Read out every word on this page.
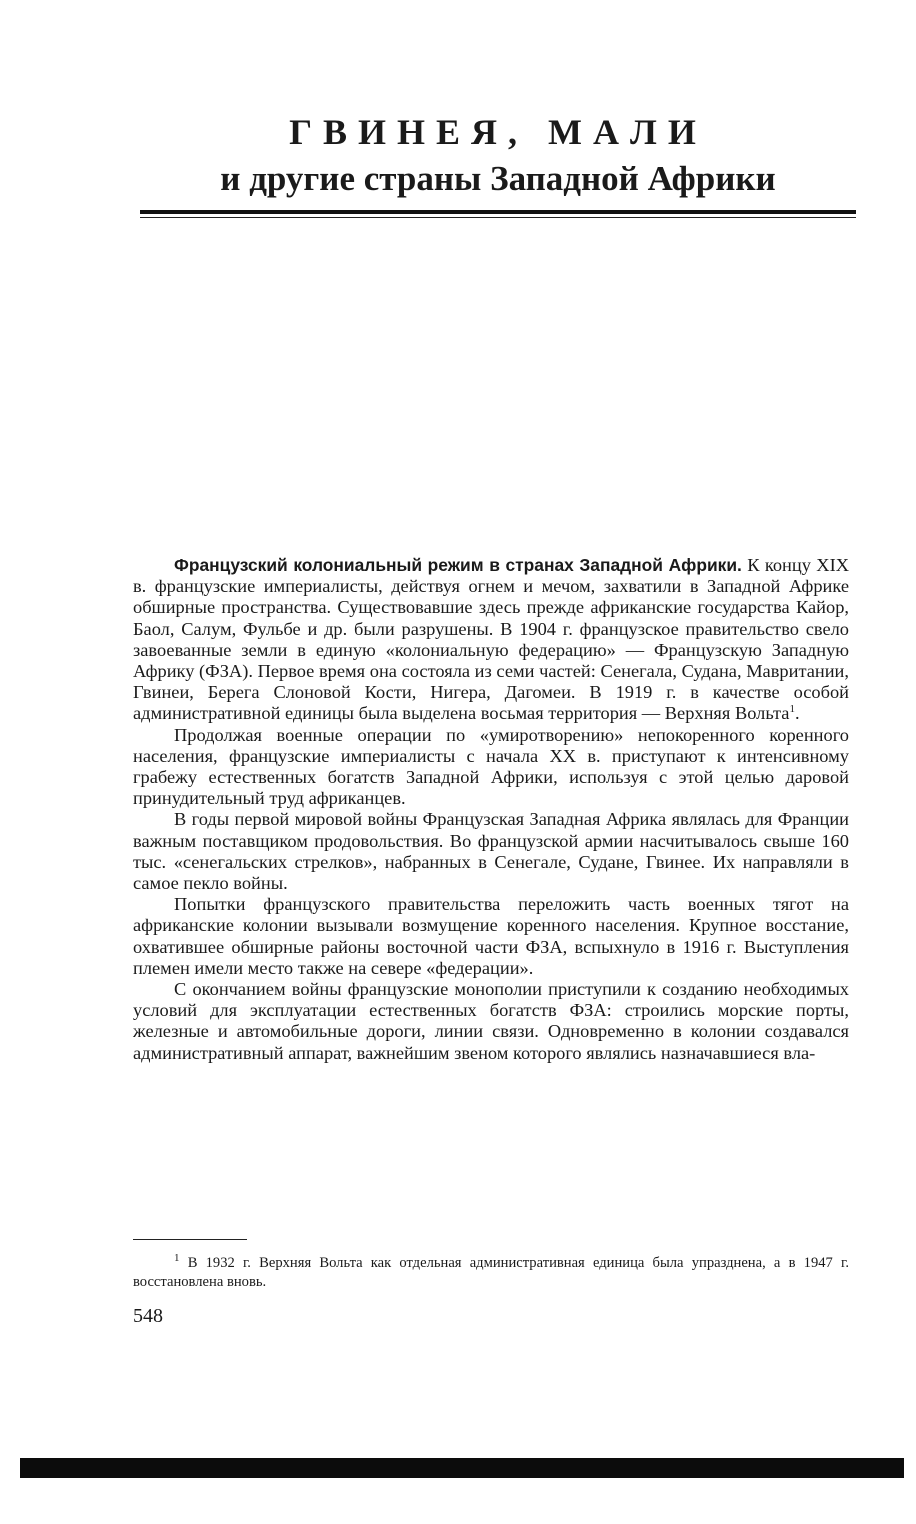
ГВИНЕЯ, МАЛИ
и другие страны Западной Африки

Французский колониальный режим в странах Западной Африки. К концу XIX в. французские империалисты, действуя огнем и мечом, захватили в Западной Африке обширные пространства. Существовавшие здесь прежде африканские государства Кайор, Баол, Салум, Фульбе и др. были разрушены. В 1904 г. французское правительство свело завоеванные земли в единую «колониальную федерацию» — Французскую Западную Африку (ФЗА). Первое время она состояла из семи частей: Сенегала, Судана, Мавритании, Гвинеи, Берега Слоновой Кости, Нигера, Дагомеи. В 1919 г. в качестве особой административной единицы была выделена восьмая территория — Верхняя Вольта$^1$.

Продолжая военные операции по «умиротворению» непокоренного коренного населения, французские империалисты с начала XX в. приступают к интенсивному грабежу естественных богатств Западной Африки, используя с этой целью даровой принудительный труд африканцев.

В годы первой мировой войны Французская Западная Африка являлась для Франции важным поставщиком продовольствия. Во французской армии насчитывалось свыше 160 тыс. «сенегальских стрелков», набранных в Сенегале, Судане, Гвинее. Их направляли в самое пекло войны.

Попытки французского правительства переложить часть военных тягот на африканские колонии вызывали возмущение коренного населения. Крупное восстание, охватившее обширные районы восточной части ФЗА, вспыхнуло в 1916 г. Выступления племен имели место также на севере «федерации».

С окончанием войны французские монополии приступили к созданию необходимых условий для эксплуатации естественных богатств ФЗА: строились морские порты, железные и автомобильные дороги, линии связи. Одновременно в колонии создавался административный аппарат, важнейшим звеном которого являлись назначавшиеся вла-

$^1$ В 1932 г. Верхняя Вольта как отдельная административная единица была упразднена, а в 1947 г. восстановлена вновь.
548
